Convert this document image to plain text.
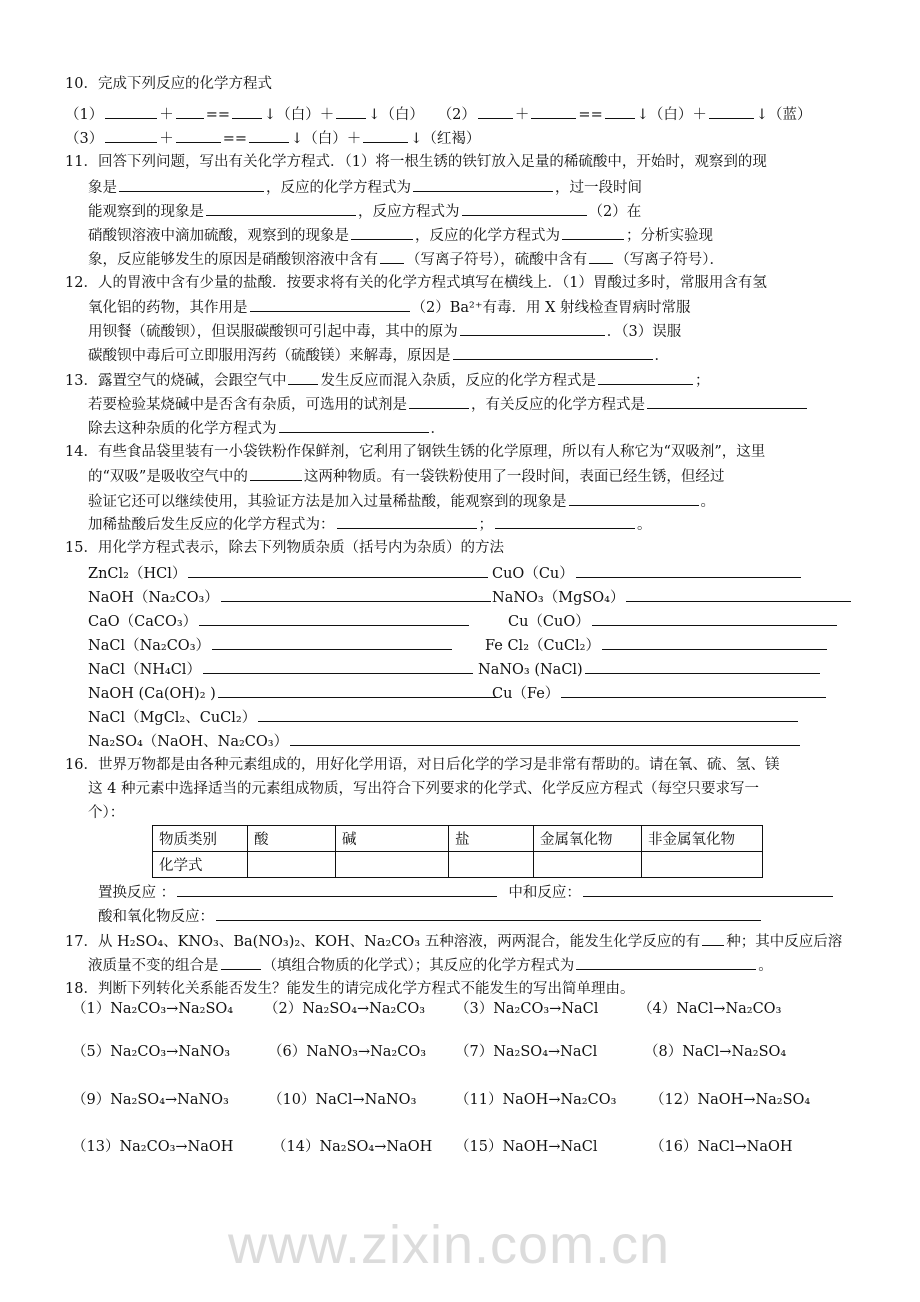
www.zixin.com.cn
10．完成下列反应的化学方程式
（1）	＋ == ↓（白）＋ ↓（白） （2）	＋	== ↓（白）＋	↓（蓝）
（3）	＋	==	↓（白）＋	↓（红褐）
11．回答下列问题，写出有关化学方程式．（1）将一根生锈的铁钉放入足量的稀硫酸中，开始时，观察到的现
象是	，反应的化学方程式为	，过一段时间
能观察到的现象是	，反应方程式为	（2）在
硝酸钡溶液中滴加硫酸，观察到的现象是	，反应的化学方程式为	；分析实验现
象，反应能够发生的原因是硝酸钡溶液中含有 （写离子符号），硫酸中含有 （写离子符号）．
12．人的胃液中含有少量的盐酸．按要求将有关的化学方程式填写在横线上．（1）胃酸过多时，常服用含有氢
氧化铝的药物，其作用是	（2）Ba²⁺有毒．用 X 射线检查胃病时常服
用钡餐（硫酸钡），但误服碳酸钡可引起中毒，其中的原为	．（3）误服
碳酸钡中毒后可立即服用泻药（硫酸镁）来解毒，原因是	．
13．露置空气的烧碱，会跟空气中 发生反应而混入杂质，反应的化学方程式是	；
若要检验某烧碱中是否含有杂质，可选用的试剂是	，有关反应的化学方程式是
除去这种杂质的化学方程式为	．
14．有些食品袋里装有一小袋铁粉作保鲜剂，它利用了钢铁生锈的化学原理，所以有人称它为“双吸剂”，这里
的“双吸”是吸收空气中的	这两种物质。有一袋铁粉使用了一段时间，表面已经生锈，但经过
验证它还可以继续使用，其验证方法是加入过量稀盐酸，能观察到的现象是	。
加稀盐酸后发生反应的化学方程式为：	；	。
15．用化学方程式表示，除去下列物质杂质（括号内为杂质）的方法
ZnCl₂（HCl）	CuO（Cu）
NaOH（Na₂CO₃）	NaNO₃（MgSO₄）
CaO（CaCO₃）	Cu（CuO）
NaCl（Na₂CO₃）	Fe Cl₂（CuCl₂）
NaCl（NH₄Cl）	NaNO₃ (NaCl)
NaOH (Ca(OH)₂ )	Cu（Fe）
NaCl（MgCl₂、CuCl₂）
Na₂SO₄（NaOH、Na₂CO₃）
16．世界万物都是由各种元素组成的，用好化学用语，对日后化学的学习是非常有帮助的。请在氧、硫、氢、镁
这 4 种元素中选择适当的元素组成物质，写出符合下列要求的化学式、化学反应方程式（每空只要求写一
个）：
物质类别	酸	碱	盐	金属氧化物	非金属氧化物
化学式					
置换反应 ：	中和反应：
酸和氧化物反应：
17．从 H₂SO₄、KNO₃、Ba(NO₃)₂、KOH、Na₂CO₃ 五种溶液，两两混合，能发生化学反应的有 种；其中反应后溶
液质量不变的组合是	（填组合物质的化学式）；其反应的化学方程式为	。
18．判断下列转化关系能否发生？能发生的请完成化学方程式不能发生的写出简单理由。
（1）Na₂CO₃→Na₂SO₄ （2）Na₂SO₄→Na₂CO₃ （3）Na₂CO₃→NaCl	（4）NaCl→Na₂CO₃
（5）Na₂CO₃→NaNO₃	（6）NaNO₃→Na₂CO₃ （7）Na₂SO₄→NaCl	（8）NaCl→Na₂SO₄
（9）Na₂SO₄→NaNO₃	（10）NaCl→NaNO₃	（11）NaOH→Na₂CO₃ （12）NaOH→Na₂SO₄
（13）Na₂CO₃→NaOH	（14）Na₂SO₄→NaOH （15）NaOH→NaCl	（16）NaCl→NaOH
